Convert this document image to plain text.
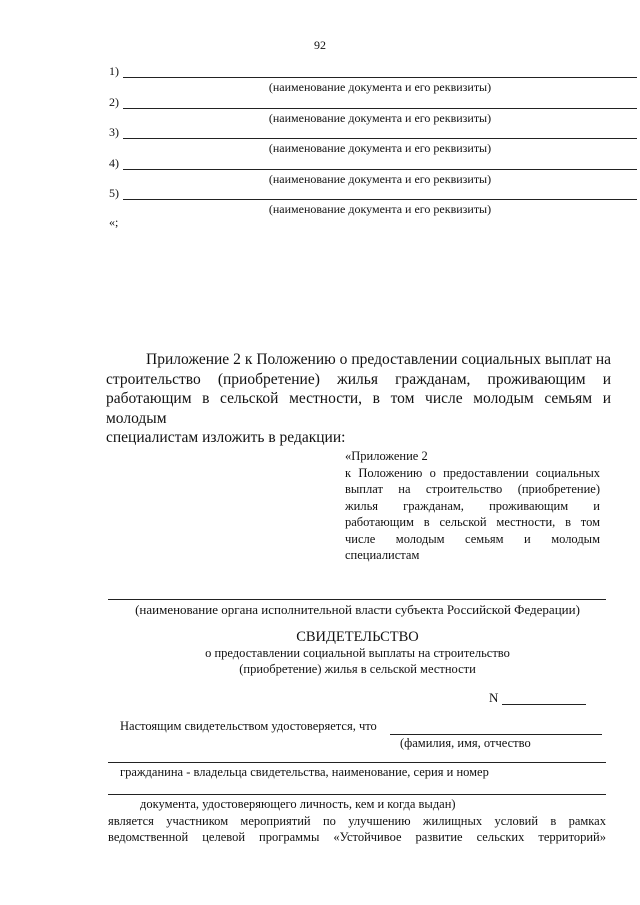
92
1)
(наименование документа и его реквизиты)
2)
(наименование документа и его реквизиты)
3)
(наименование документа и его реквизиты)
4)
(наименование документа и его реквизиты)
5)
(наименование документа и его реквизиты)
«;
Приложение 2 к Положению о предоставлении социальных выплат на
строительство (приобретение) жилья гражданам, проживающим и
работающим в сельской местности, в том числе молодым семьям и молодым
специалистам изложить в редакции:
«Приложение 2
к Положению о предоставлении социальных
выплат на строительство (приобретение)
жилья гражданам, проживающим и
работающим в сельской местности, в том
числе молодым семьям и молодым
специалистам
(наименование органа исполнительной власти субъекта Российской Федерации)
СВИДЕТЕЛЬСТВО
о предоставлении социальной выплаты на строительство
(приобретение) жилья в сельской местности
N
Настоящим свидетельством удостоверяется, что
(фамилия, имя, отчество
гражданина - владельца свидетельства, наименование, серия и номер
документа, удостоверяющего личность, кем и когда выдан)
является участником мероприятий по улучшению жилищных условий в рамках
ведомственной целевой программы «Устойчивое развитие сельских территорий»
